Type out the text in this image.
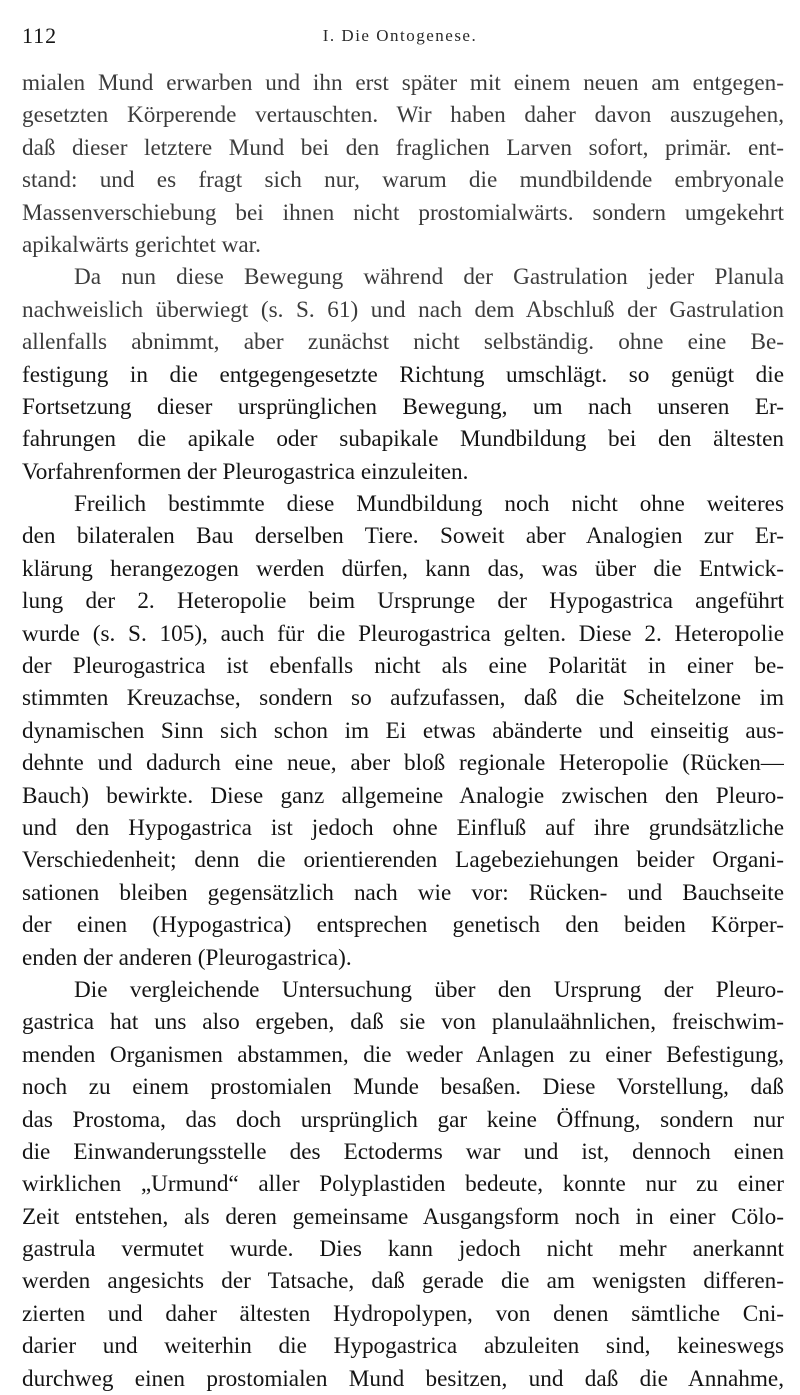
112	I. Die Ontogenese.
mialen Mund erwarben und ihn erst später mit einem neuen am entgegen-
gesetzten Körperende vertauschten. Wir haben daher davon auszugehen,
daß dieser letztere Mund bei den fraglichen Larven sofort, primär. ent-
stand: und es fragt sich nur, warum die mundbildende embryonale
Massenverschiebung bei ihnen nicht prostomialwärts. sondern umgekehrt
apikalwärts gerichtet war.
Da nun diese Bewegung während der Gastrulation jeder Planula
nachweislich überwiegt (s. S. 61) und nach dem Abschluß der Gastrulation
allenfalls abnimmt, aber zunächst nicht selbständig. ohne eine Be-
festigung in die entgegengesetzte Richtung umschlägt. so genügt die
Fortsetzung dieser ursprünglichen Bewegung, um nach unseren Er-
fahrungen die apikale oder subapikale Mundbildung bei den ältesten
Vorfahrenformen der Pleurogastrica einzuleiten.
Freilich bestimmte diese Mundbildung noch nicht ohne weiteres
den bilateralen Bau derselben Tiere. Soweit aber Analogien zur Er-
klärung herangezogen werden dürfen, kann das, was über die Entwick-
lung der 2. Heteropolie beim Ursprunge der Hypogastrica angeführt
wurde (s. S. 105), auch für die Pleurogastrica gelten. Diese 2. Heteropolie
der Pleurogastrica ist ebenfalls nicht als eine Polarität in einer be-
stimmten Kreuzachse, sondern so aufzufassen, daß die Scheitelzone im
dynamischen Sinn sich schon im Ei etwas abänderte und einseitig aus-
dehnte und dadurch eine neue, aber bloß regionale Heteropolie (Rücken—
Bauch) bewirkte. Diese ganz allgemeine Analogie zwischen den Pleuro-
und den Hypogastrica ist jedoch ohne Einfluß auf ihre grundsätzliche
Verschiedenheit; denn die orientierenden Lagebeziehungen beider Organi-
sationen bleiben gegensätzlich nach wie vor: Rücken- und Bauchseite
der einen (Hypogastrica) entsprechen genetisch den beiden Körper-
enden der anderen (Pleurogastrica).
Die vergleichende Untersuchung über den Ursprung der Pleuro-
gastrica hat uns also ergeben, daß sie von planulaähnlichen, freischwim-
menden Organismen abstammen, die weder Anlagen zu einer Befestigung,
noch zu einem prostomialen Munde besaßen. Diese Vorstellung, daß
das Prostoma, das doch ursprünglich gar keine Öffnung, sondern nur
die Einwanderungsstelle des Ectoderms war und ist, dennoch einen
wirklichen „Urmund“ aller Polyplastiden bedeute, konnte nur zu einer
Zeit entstehen, als deren gemeinsame Ausgangsform noch in einer Cölo-
gastrula vermutet wurde. Dies kann jedoch nicht mehr anerkannt
werden angesichts der Tatsache, daß gerade die am wenigsten differen-
zierten und daher ältesten Hydropolypen, von denen sämtliche Cni-
darier und weiterhin die Hypogastrica abzuleiten sind, keineswegs
durchweg einen prostomialen Mund besitzen, und daß die Annahme,
